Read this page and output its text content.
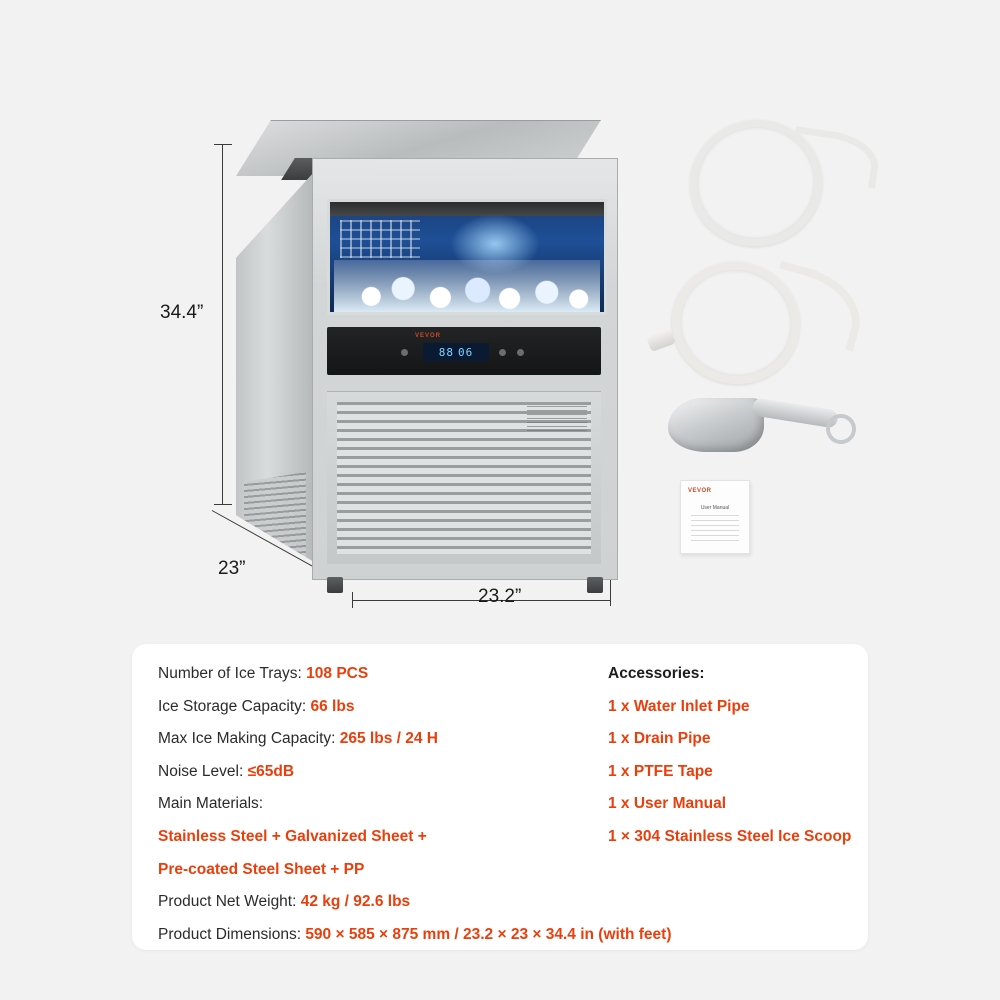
34.4”
23”
23.2”
VEVOR
88 06
VEVOR
User Manual
Number of Ice Trays: 108 PCS
Ice Storage Capacity: 66 lbs
Max Ice Making Capacity: 265 lbs / 24 H
Noise Level: ≤65dB
Main Materials:
Stainless Steel + Galvanized Sheet +
Pre-coated Steel Sheet + PP
Product Net Weight: 42 kg / 92.6 lbs
Product Dimensions: 590 × 585 × 875 mm / 23.2 × 23 × 34.4 in (with feet)
Accessories:
1 x Water Inlet Pipe
1 x Drain Pipe
1 x PTFE Tape
1 x User Manual
1 × 304 Stainless Steel Ice Scoop
